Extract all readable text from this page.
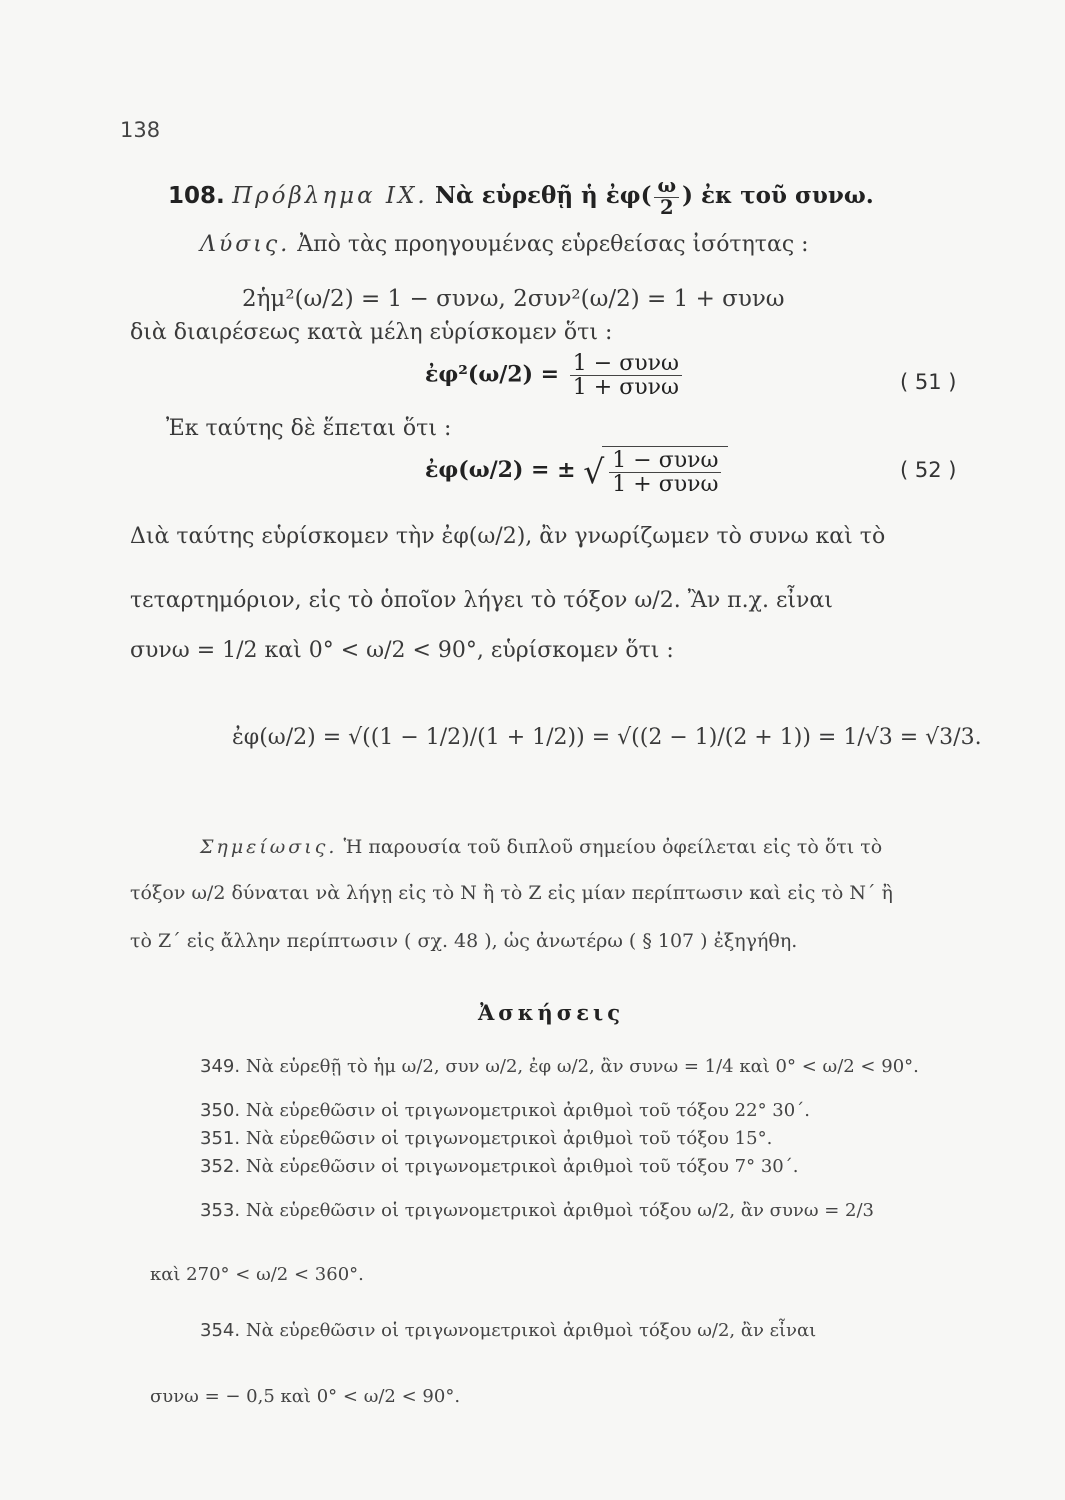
138
108. Πρόβλημα IX. Νὰ εὑρεθῇ ἡ ἐφ( $\frac{\omega}{2}$ ) ἐκ τοῦ συνω.
Λύσις. Ἀπὸ τὰς προηγουμένας εὑρεθείσας ἰσότητας :
2ἡμ²(ω/2) = 1 − συνω, 2συν²(ω/2) = 1 + συνω
διὰ διαιρέσεως κατὰ μέλη εὑρίσκομεν ὅτι :
ἐφ²(ω/2) = $\frac{\text{1 − συνω}}{\text{1 + συνω}}$	( 51 )
Ἐκ ταύτης δὲ ἕπεται ὅτι :
ἐφ(ω/2) = ± √ $\frac{\text{1 − συνω}}{\text{1 + συνω}}$	( 52 )
Διὰ ταύτης εὑρίσκομεν τὴν ἐφ(ω/2), ἂν γνωρίζωμεν τὸ συνω καὶ τὸ
τεταρτημόριον, εἰς τὸ ὁποῖον λήγει τὸ τόξον ω/2. Ἂν π.χ. εἶναι
συνω = 1/2 καὶ 0° < ω/2 < 90°, εὑρίσκομεν ὅτι :
ἐφ(ω/2) = √((1 − 1/2)/(1 + 1/2)) = √((2 − 1)/(2 + 1)) = 1/√3 = √3/3.
Σημείωσις. Ἡ παρουσία τοῦ διπλοῦ σημείου ὀφείλεται εἰς τὸ ὅτι τὸ
τόξον ω/2 δύναται νὰ λήγῃ εἰς τὸ Ν ἢ τὸ Ζ εἰς μίαν περίπτωσιν καὶ εἰς τὸ Ν΄ ἢ
τὸ Ζ΄ εἰς ἄλλην περίπτωσιν ( σχ. 48 ), ὡς ἀνωτέρω ( § 107 ) ἐξηγήθη.
Ἀσκήσεις
349. Νὰ εὑρεθῇ τὸ ἡμ ω/2, συν ω/2, ἐφ ω/2, ἂν συνω = 1/4 καὶ 0° < ω/2 < 90°.
350. Νὰ εὑρεθῶσιν οἱ τριγωνομετρικοὶ ἀριθμοὶ τοῦ τόξου 22° 30΄.
351. Νὰ εὑρεθῶσιν οἱ τριγωνομετρικοὶ ἀριθμοὶ τοῦ τόξου 15°.
352. Νὰ εὑρεθῶσιν οἱ τριγωνομετρικοὶ ἀριθμοὶ τοῦ τόξου 7° 30΄.
353. Νὰ εὑρεθῶσιν οἱ τριγωνομετρικοὶ ἀριθμοὶ τόξου ω/2, ἂν συνω = 2/3
καὶ 270° < ω/2 < 360°.
354. Νὰ εὑρεθῶσιν οἱ τριγωνομετρικοὶ ἀριθμοὶ τόξου ω/2, ἂν εἶναι
συνω = − 0,5 καὶ 0° < ω/2 < 90°.
